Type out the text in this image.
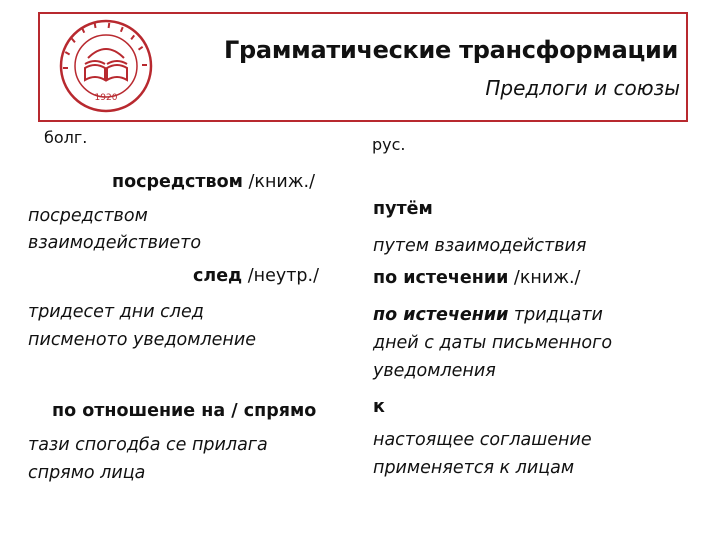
1920
Грамматические трансформации
Предлоги и союзы
болг.	рус.
посредством /книж./
посредством
взаимодействието
след /неутр./
тридесет дни след
писменото уведомление
по отношение на / спрямо
тази спогодба се прилага
спрямо лица
путём
путем взаимодействия
по истечении /книж./
по истечении тридцати
дней с даты письменного
уведомления
к
настоящее соглашение
применяется к лицам
